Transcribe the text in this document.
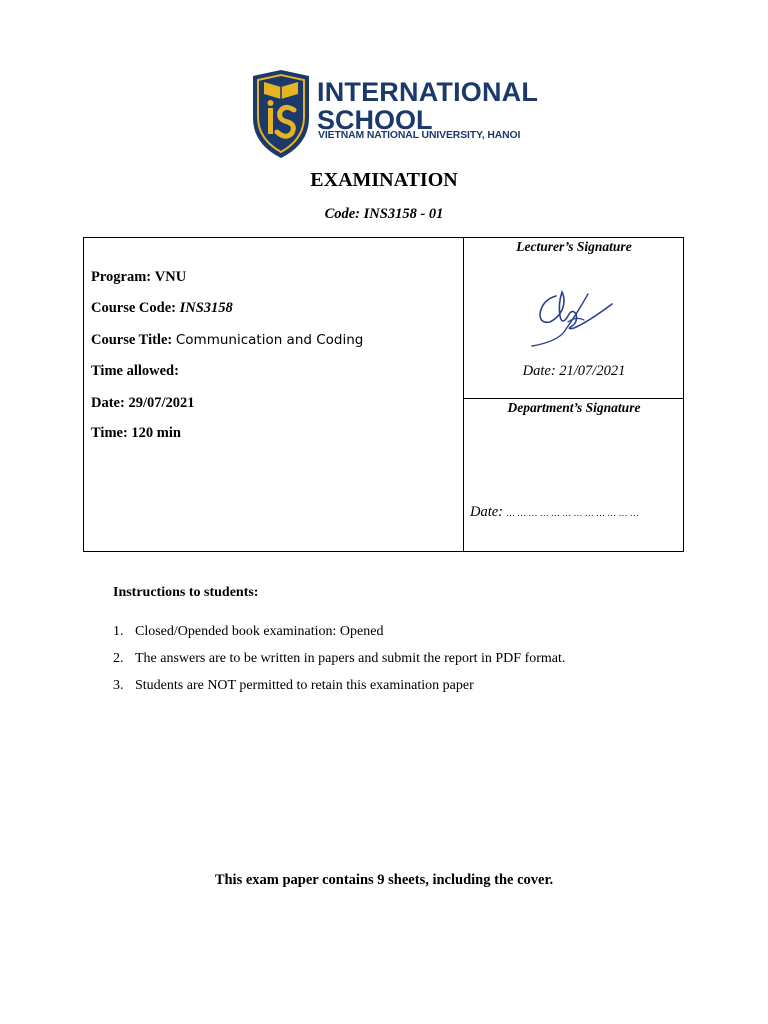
INTERNATIONAL
SCHOOL
VIETNAM NATIONAL UNIVERSITY, HANOI
EXAMINATION
Code: INS3158 - 01
Program: VNU
Course Code: INS3158
Course Title: Communication and Coding
Time allowed:
Date: 29/07/2021
Time: 120 min
Lecturer’s Signature
Date: 21/07/2021
Department’s Signature
Date: … … … … … … … … … … … …
Instructions to students:
1. Closed/Opended book examination: Opened
2. The answers are to be written in papers and submit the report in PDF format.
3. Students are NOT permitted to retain this examination paper
This exam paper contains 9 sheets, including the cover.
